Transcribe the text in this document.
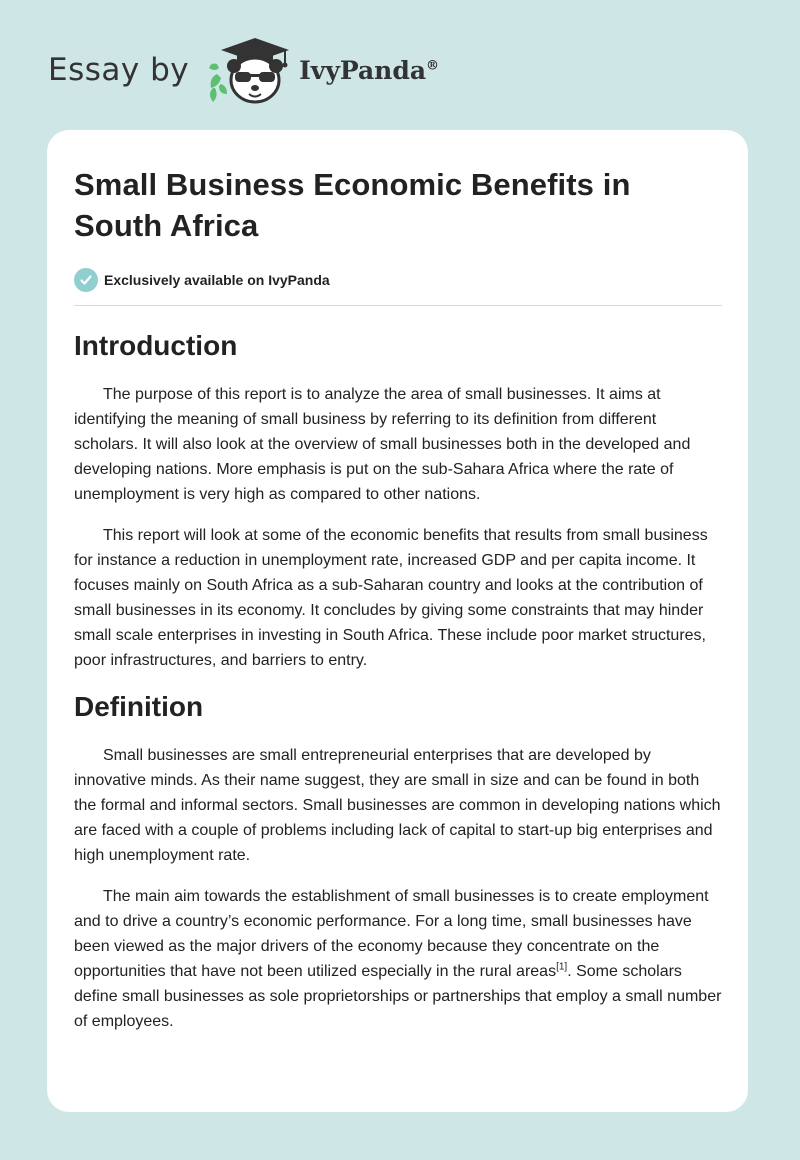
Essay by	IvyPanda®
Small Business Economic Benefits in South Africa
Exclusively available on IvyPanda
Introduction

The purpose of this report is to analyze the area of small businesses. It aims at identifying the meaning of small business by referring to its definition from different scholars. It will also look at the overview of small businesses both in the developed and developing nations. More emphasis is put on the sub-Sahara Africa where the rate of unemployment is very high as compared to other nations.

This report will look at some of the economic benefits that results from small business for instance a reduction in unemployment rate, increased GDP and per capita income. It focuses mainly on South Africa as a sub-Saharan country and looks at the contribution of small businesses in its economy. It concludes by giving some constraints that may hinder small scale enterprises in investing in South Africa. These include poor market structures, poor infrastructures, and barriers to entry.

Definition

Small businesses are small entrepreneurial enterprises that are developed by innovative minds. As their name suggest, they are small in size and can be found in both the formal and informal sectors. Small businesses are common in developing nations which are faced with a couple of problems including lack of capital to start-up big enterprises and high unemployment rate.

The main aim towards the establishment of small businesses is to create employment and to drive a country’s economic performance. For a long time, small businesses have been viewed as the major drivers of the economy because they concentrate on the opportunities that have not been utilized especially in the rural areas[1]. Some scholars define small businesses as sole proprietorships or partnerships that employ a small number of employees.
